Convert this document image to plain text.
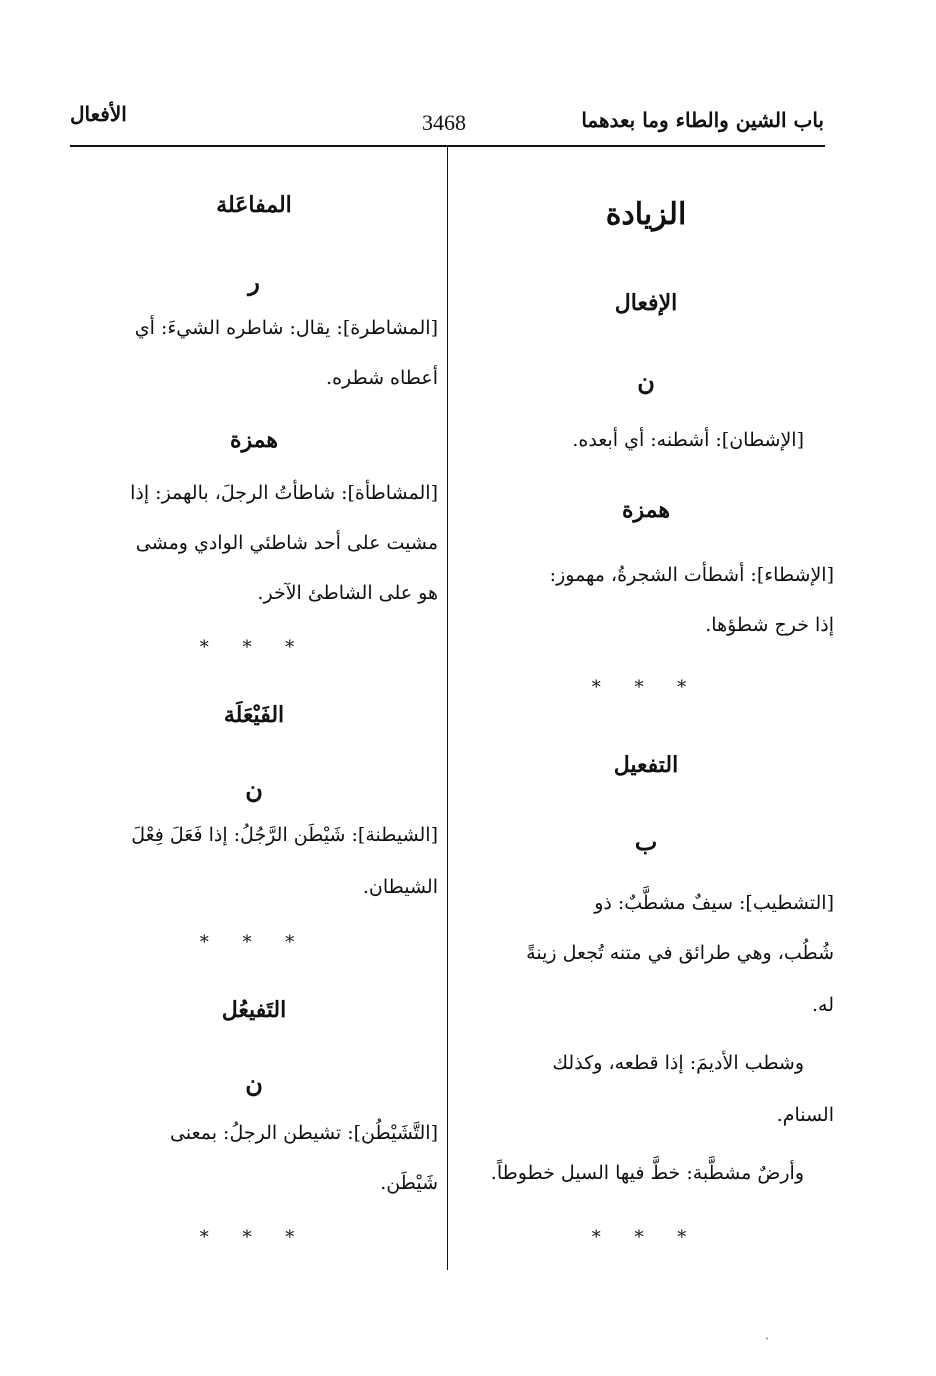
الأفعال	3468	باب الشين والطاء وما بعدهما
الزيادة
الإفعال
ن
[الإشطان]: أشطنه: أي أبعده.
همزة
[الإشطاء]: أشطأت الشجرةُ، مهموز:
إذا خرج شطؤها.
* * *
التفعيل
ب
[التشطيب]: سيفٌ مشطَّبٌ: ذو
شُطُب، وهي طرائق في متنه تُجعل زينةً
له.
وشطب الأديمَ: إذا قطعه، وكذلك
السنام.
وأرضٌ مشطَّبة: خطَّ فيها السيل خطوطاً.
* * *
المفاعَلة
ر
[المشاطرة]: يقال: شاطره الشيءَ: أي
أعطاه شطره.
همزة
[المشاطأة]: شاطأتُ الرجلَ، بالهمز: إذا
مشيت على أحد شاطئي الوادي ومشى
هو على الشاطئ الآخر.
* * *
الفَيْعَلَة
ن
[الشيطنة]: شَيْطَن الرَّجُلُ: إذا فَعَلَ فِعْلَ
الشيطان.
* * *
التَفيعُل
ن
[التَّشَيْطُن]: تشيطن الرجلُ: بمعنى
شَيْطَن.
* * *
ˎ
